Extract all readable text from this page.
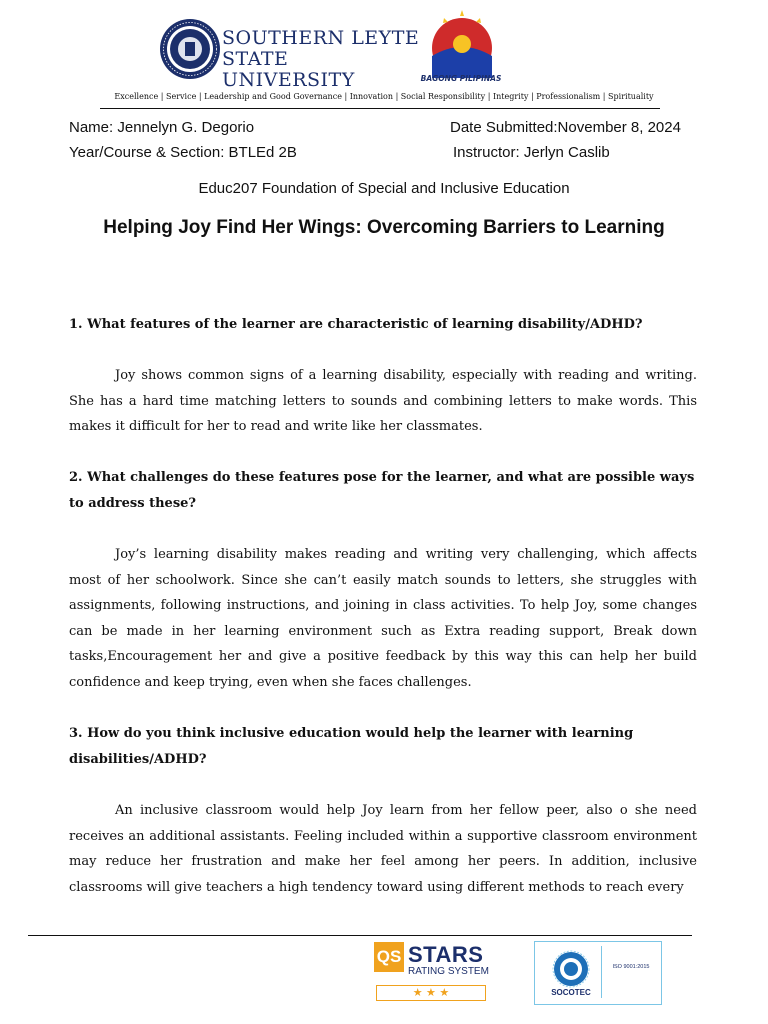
SOUTHERN LEYTE
STATE UNIVERSITY	BAGONG PILIPINAS
Excellence | Service | Leadership and Good Governance | Innovation | Social Responsibility | Integrity | Professionalism | Spirituality
Name: Jennelyn G. Degorio	Date Submitted:November 8, 2024
Year/Course & Section: BTLEd 2B	Instructor: Jerlyn Caslib
Educ207 Foundation of Special and Inclusive Education
Helping Joy Find Her Wings: Overcoming Barriers to Learning
1. What features of the learner are characteristic of learning disability/ADHD?
Joy shows common signs of a learning disability, especially with reading and writing. She has a hard time matching letters to sounds and combining letters to make words. This makes it difficult for her to read and write like her classmates.
2. What challenges do these features pose for the learner, and what are possible ways to address these?
Joy’s learning disability makes reading and writing very challenging, which affects most of her schoolwork. Since she can’t easily match sounds to letters, she struggles with assignments, following instructions, and joining in class activities. To help Joy, some changes can be made in her learning environment such as Extra reading support, Break down tasks,Encouragement her and give a positive feedback by this way this can help her build confidence and keep trying, even when she faces challenges.
3. How do you think inclusive education would help the learner with learning disabilities/ADHD?
An inclusive classroom would help Joy learn from her fellow peer, also o she need receives an additional assistants. Feeling included within a supportive classroom environment may reduce her frustration and make her feel among her peers. In addition, inclusive classrooms will give teachers a high tendency toward using different methods to reach every
QS STARS
RATING SYSTEM
★ ★ ★	SOCOTEC
ISO 9001:2015
